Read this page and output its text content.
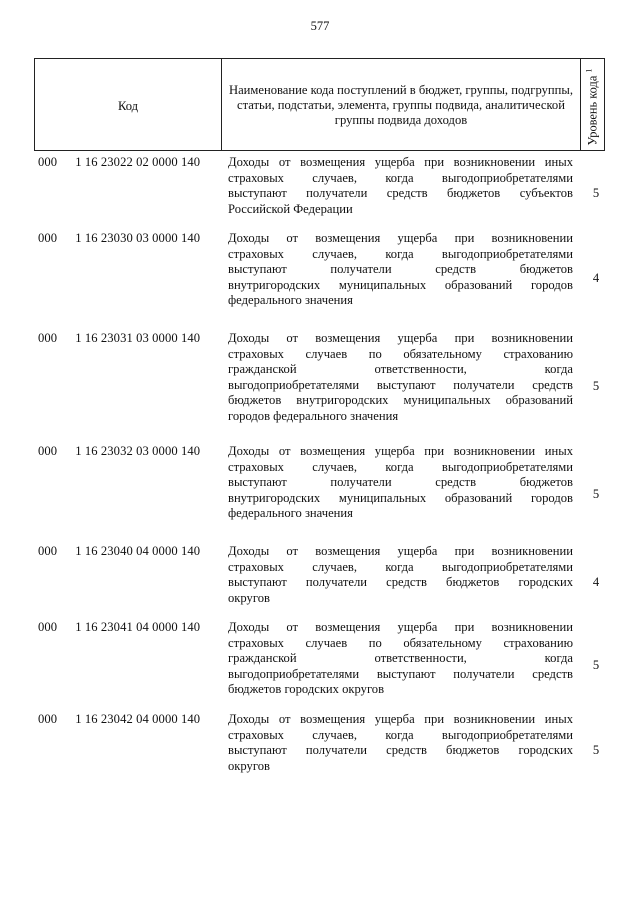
577
Код
Наименование кода поступлений в бюджет, группы, подгруппы, статьи, подстатьи, элемента, группы подвида, аналитической группы подвида доходов	Уровень кода $^1$
000 1 16 23022 02 0000 140 Доходы от возмещения ущерба при возникновении иных
страховых случаев, когда выгодоприобретателями
выступают получатели средств бюджетов субъектов
Российской Федерации
5
000 1 16 23030 03 0000 140 Доходы от возмещения ущерба при возникновении
страховых случаев, когда выгодоприобретателями
выступают получатели средств бюджетов
внутригородских муниципальных образований городов
федерального значения
4
000 1 16 23031 03 0000 140 Доходы от возмещения ущерба при возникновении
страховых случаев по обязательному страхованию
гражданской ответственности, когда
выгодоприобретателями выступают получатели средств
бюджетов внутригородских муниципальных образований
городов федерального значения
5
000 1 16 23032 03 0000 140 Доходы от возмещения ущерба при возникновении иных
страховых случаев, когда выгодоприобретателями
выступают получатели средств бюджетов
внутригородских муниципальных образований городов
федерального значения
5
000 1 16 23040 04 0000 140 Доходы от возмещения ущерба при возникновении
страховых случаев, когда выгодоприобретателями
выступают получатели средств бюджетов городских
округов
4
000 1 16 23041 04 0000 140 Доходы от возмещения ущерба при возникновении
страховых случаев по обязательному страхованию
гражданской ответственности, когда
выгодоприобретателями выступают получатели средств
бюджетов городских округов
5
000 1 16 23042 04 0000 140 Доходы от возмещения ущерба при возникновении иных
страховых случаев, когда выгодоприобретателями
выступают получатели средств бюджетов городских
округов
5
